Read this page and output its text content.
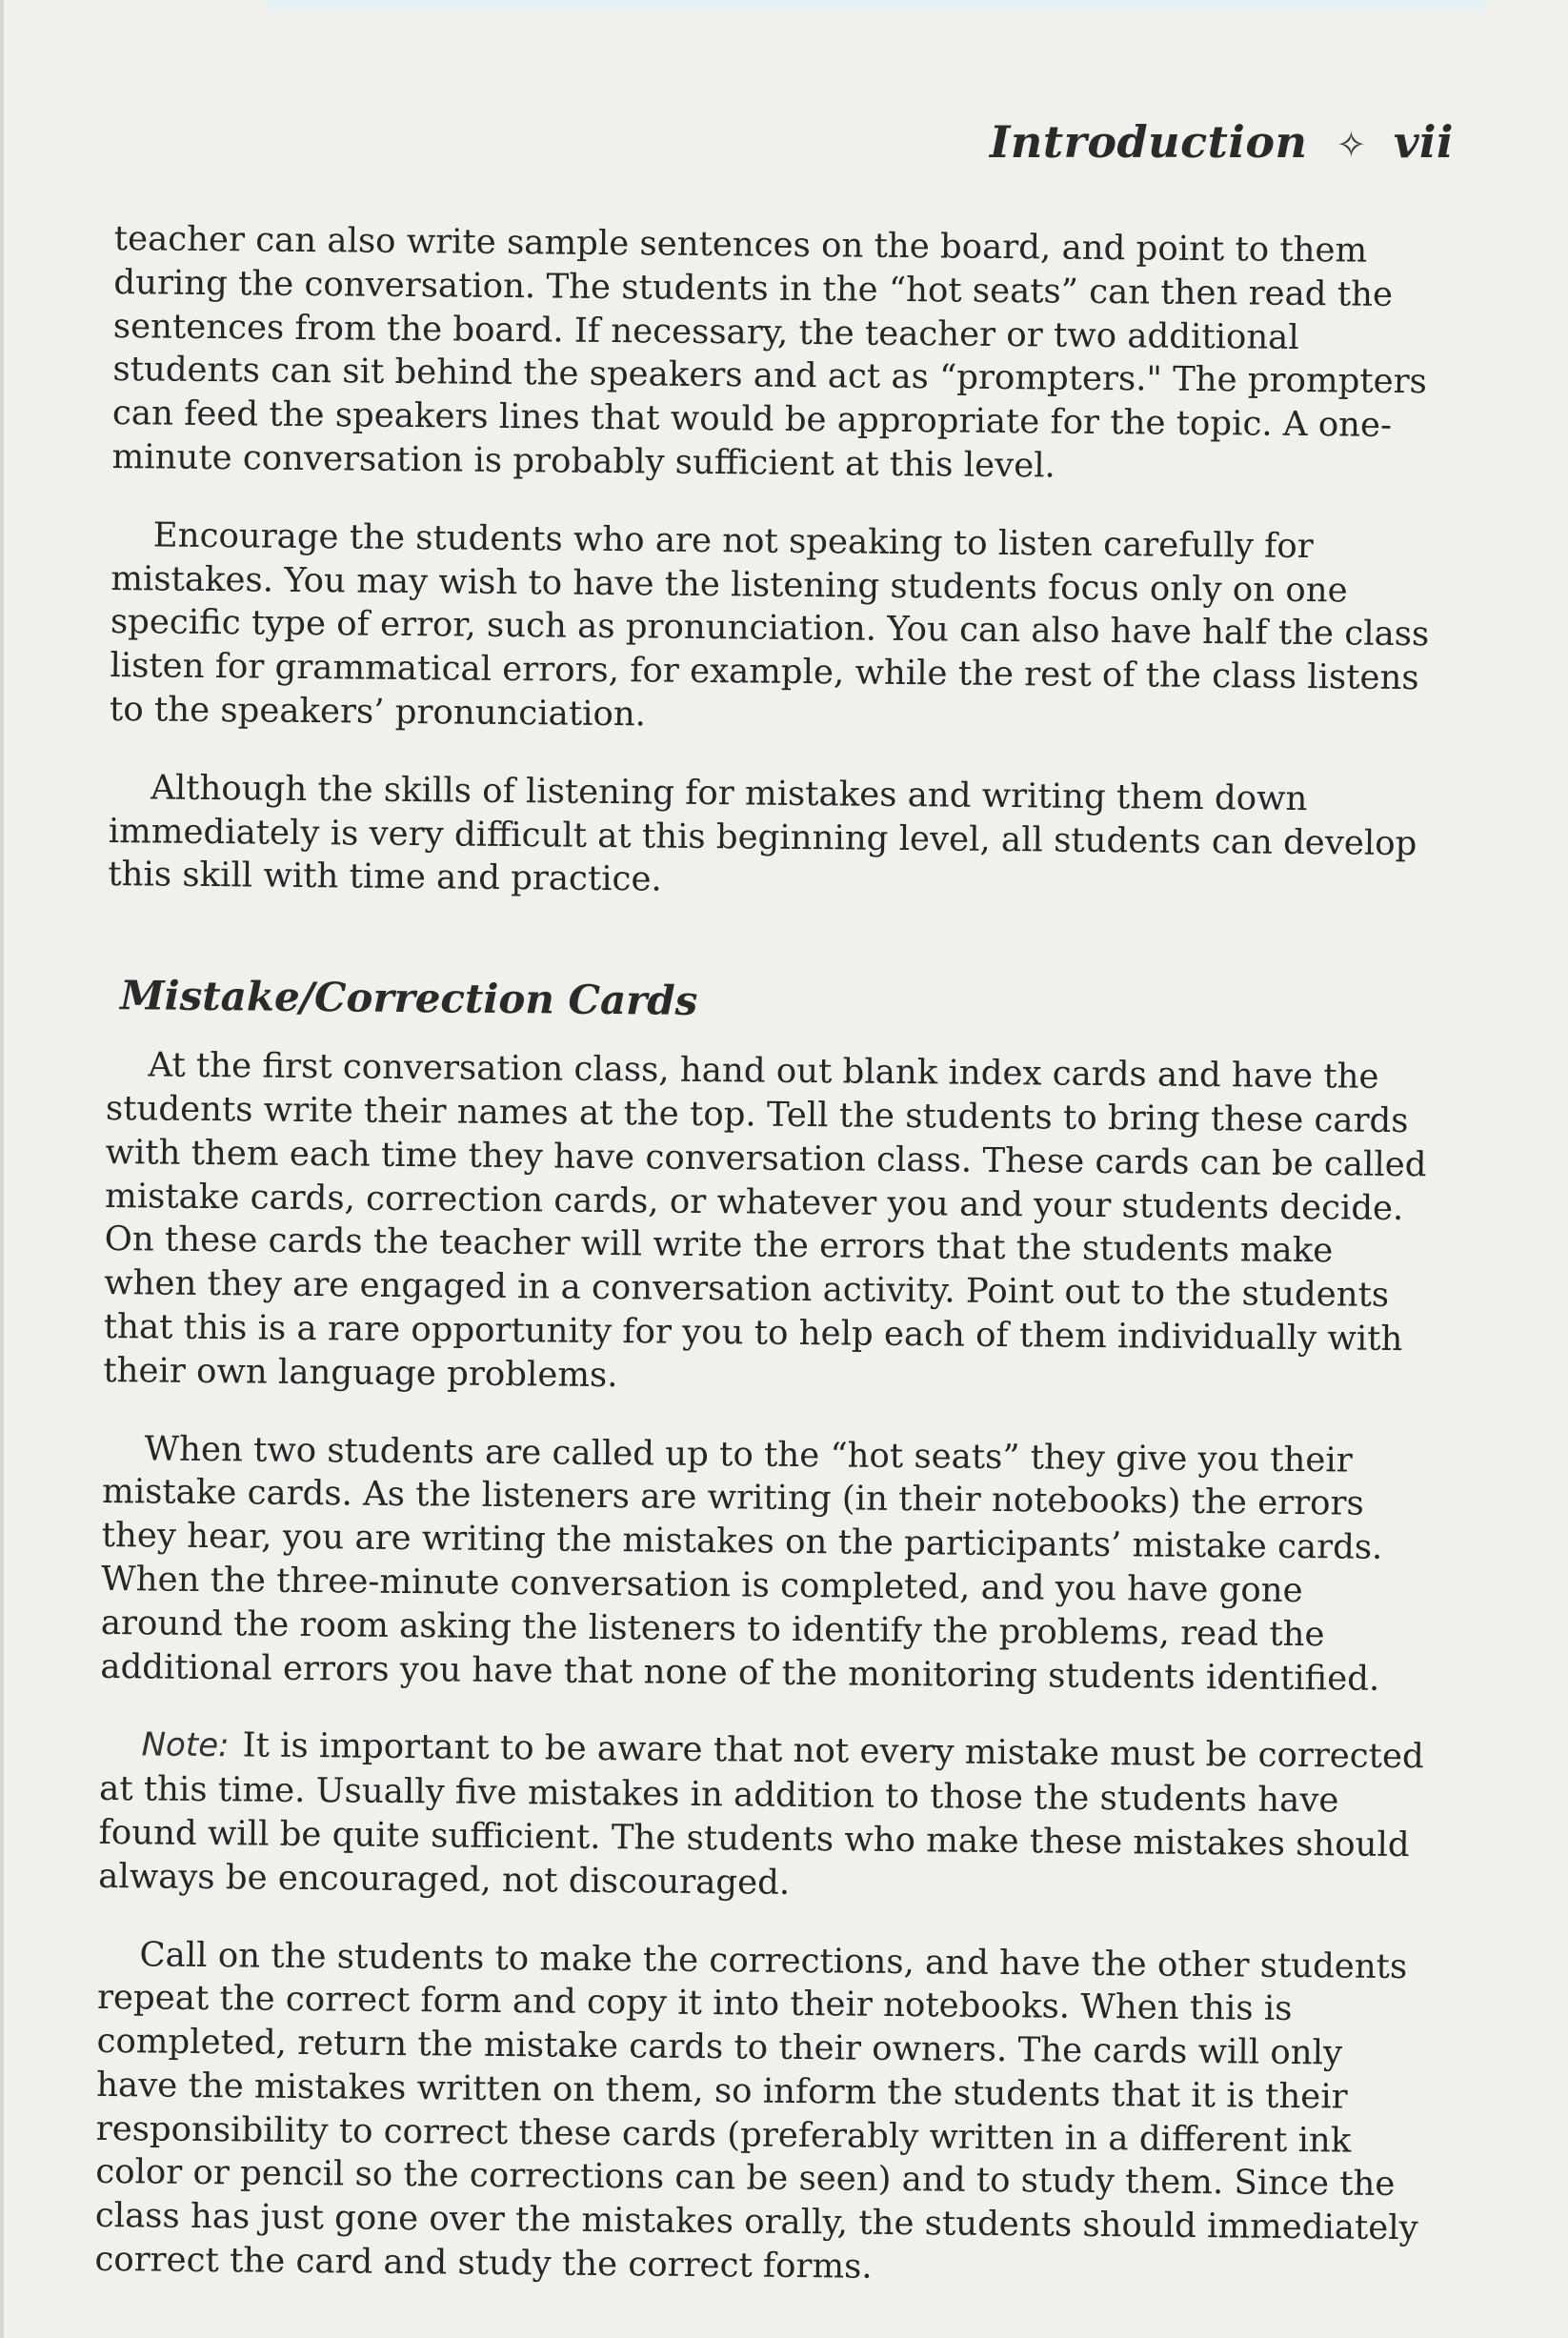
Introduction ✧ vii

teacher can also write sample sentences on the board, and point to them during the conversation. The students in the “hot seats” can then read the sentences from the board. If necessary, the teacher or two additional students can sit behind the speakers and act as “prompters." The prompters can feed the speakers lines that would be appropriate for the topic. A one-minute conversation is probably sufficient at this level.

Encourage the students who are not speaking to listen carefully for mistakes. You may wish to have the listening students focus only on one specific type of error, such as pronunciation. You can also have half the class listen for grammatical errors, for example, while the rest of the class listens to the speakers’ pronunciation.

Although the skills of listening for mistakes and writing them down immediately is very difficult at this beginning level, all students can develop this skill with time and practice.

Mistake/Correction Cards

At the first conversation class, hand out blank index cards and have the students write their names at the top. Tell the students to bring these cards with them each time they have conversation class. These cards can be called mistake cards, correction cards, or whatever you and your students decide. On these cards the teacher will write the errors that the students make when they are engaged in a conversation activity. Point out to the students that this is a rare opportunity for you to help each of them individually with their own language problems.

When two students are called up to the “hot seats” they give you their mistake cards. As the listeners are writing (in their notebooks) the errors they hear, you are writing the mistakes on the participants’ mistake cards. When the three-minute conversation is completed, and you have gone around the room asking the listeners to identify the problems, read the additional errors you have that none of the monitoring students identified.

Note: It is important to be aware that not every mistake must be corrected at this time. Usually five mistakes in addition to those the students have found will be quite sufficient. The students who make these mistakes should always be encouraged, not discouraged.

Call on the students to make the corrections, and have the other students repeat the correct form and copy it into their notebooks. When this is completed, return the mistake cards to their owners. The cards will only have the mistakes written on them, so inform the students that it is their responsibility to correct these cards (preferably written in a different ink color or pencil so the corrections can be seen) and to study them. Since the class has just gone over the mistakes orally, the students should immediately correct the card and study the correct forms.
